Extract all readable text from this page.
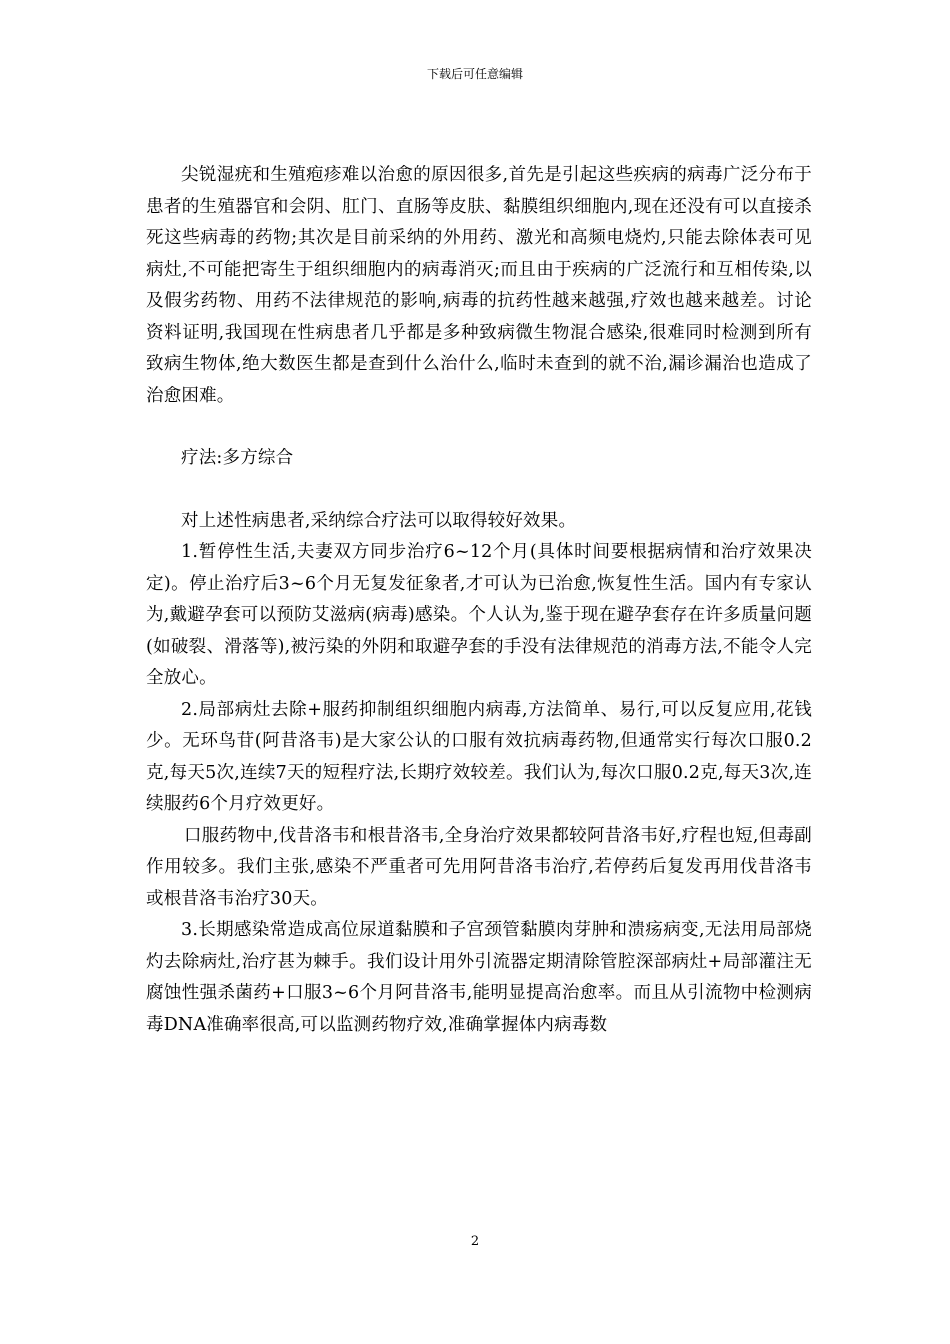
下载后可任意编辑

尖锐湿疣和生殖疱疹难以治愈的原因很多,首先是引起这些疾病的病毒广泛分布于患者的生殖器官和会阴、肛门、直肠等皮肤、黏膜组织细胞内,现在还没有可以直接杀死这些病毒的药物;其次是目前采纳的外用药、激光和高频电烧灼,只能去除体表可见病灶,不可能把寄生于组织细胞内的病毒消灭;而且由于疾病的广泛流行和互相传染,以及假劣药物、用药不法律规范的影响,病毒的抗药性越来越强,疗效也越来越差。讨论资料证明,我国现在性病患者几乎都是多种致病微生物混合感染,很难同时检测到所有致病生物体,绝大数医生都是查到什么治什么,临时未查到的就不治,漏诊漏治也造成了治愈困难。

疗法:多方综合

对上述性病患者,采纳综合疗法可以取得较好效果。

1.暂停性生活,夫妻双方同步治疗6~12个月(具体时间要根据病情和治疗效果决定)。停止治疗后3~6个月无复发征象者,才可认为已治愈,恢复性生活。国内有专家认为,戴避孕套可以预防艾滋病(病毒)感染。个人认为,鉴于现在避孕套存在许多质量问题(如破裂、滑落等),被污染的外阴和取避孕套的手没有法律规范的消毒方法,不能令人完全放心。

2.局部病灶去除+服药抑制组织细胞内病毒,方法简单、易行,可以反复应用,花钱少。无环鸟苷(阿昔洛韦)是大家公认的口服有效抗病毒药物,但通常实行每次口服0.2克,每天5次,连续7天的短程疗法,长期疗效较差。我们认为,每次口服0.2克,每天3次,连续服药6个月疗效更好。

口服药物中,伐昔洛韦和根昔洛韦,全身治疗效果都较阿昔洛韦好,疗程也短,但毒副作用较多。我们主张,感染不严重者可先用阿昔洛韦治疗,若停药后复发再用伐昔洛韦或根昔洛韦治疗30天。

3.长期感染常造成高位尿道黏膜和子宫颈管黏膜肉芽肿和溃疡病变,无法用局部烧灼去除病灶,治疗甚为棘手。我们设计用外引流器定期清除管腔深部病灶+局部灌注无腐蚀性强杀菌药+口服3~6个月阿昔洛韦,能明显提高治愈率。而且从引流物中检测病毒DNA准确率很高,可以监测药物疗效,准确掌握体内病毒数

2
